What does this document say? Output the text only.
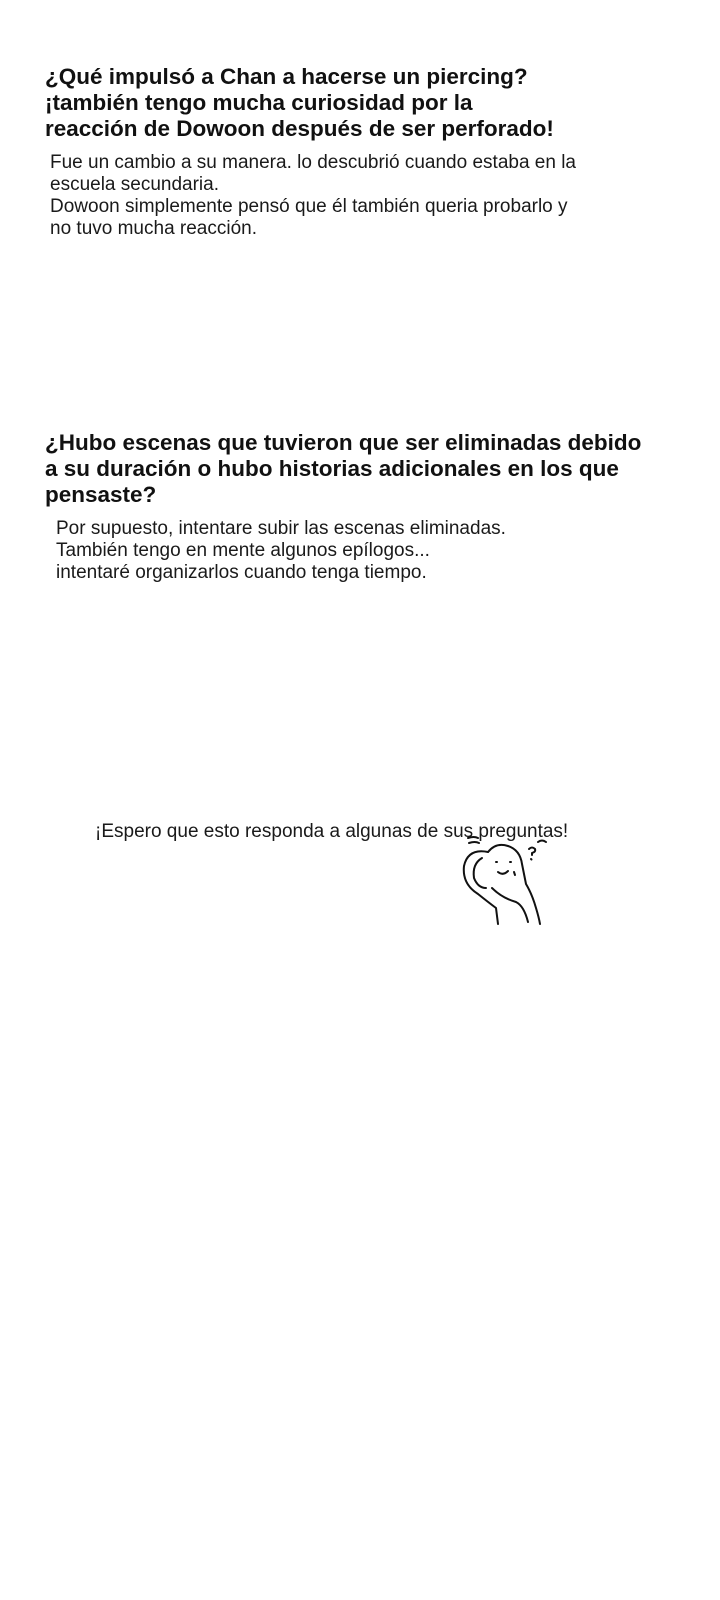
¿Qué impulsó a Chan a hacerse un piercing?
¡también tengo mucha curiosidad por la
reacción de Dowoon después de ser perforado!

Fue un cambio a su manera. lo descubrió cuando estaba en la
escuela secundaria.
Dowoon simplemente pensó que él también queria probarlo y
no tuvo mucha reacción.

¿Hubo escenas que tuvieron que ser eliminadas debido
a su duración o hubo historias adicionales en los que
pensaste?

Por supuesto, intentare subir las escenas eliminadas.
También tengo en mente algunos epílogos...
intentaré organizarlos cuando tenga tiempo.

¡Espero que esto responda a algunas de sus preguntas!
